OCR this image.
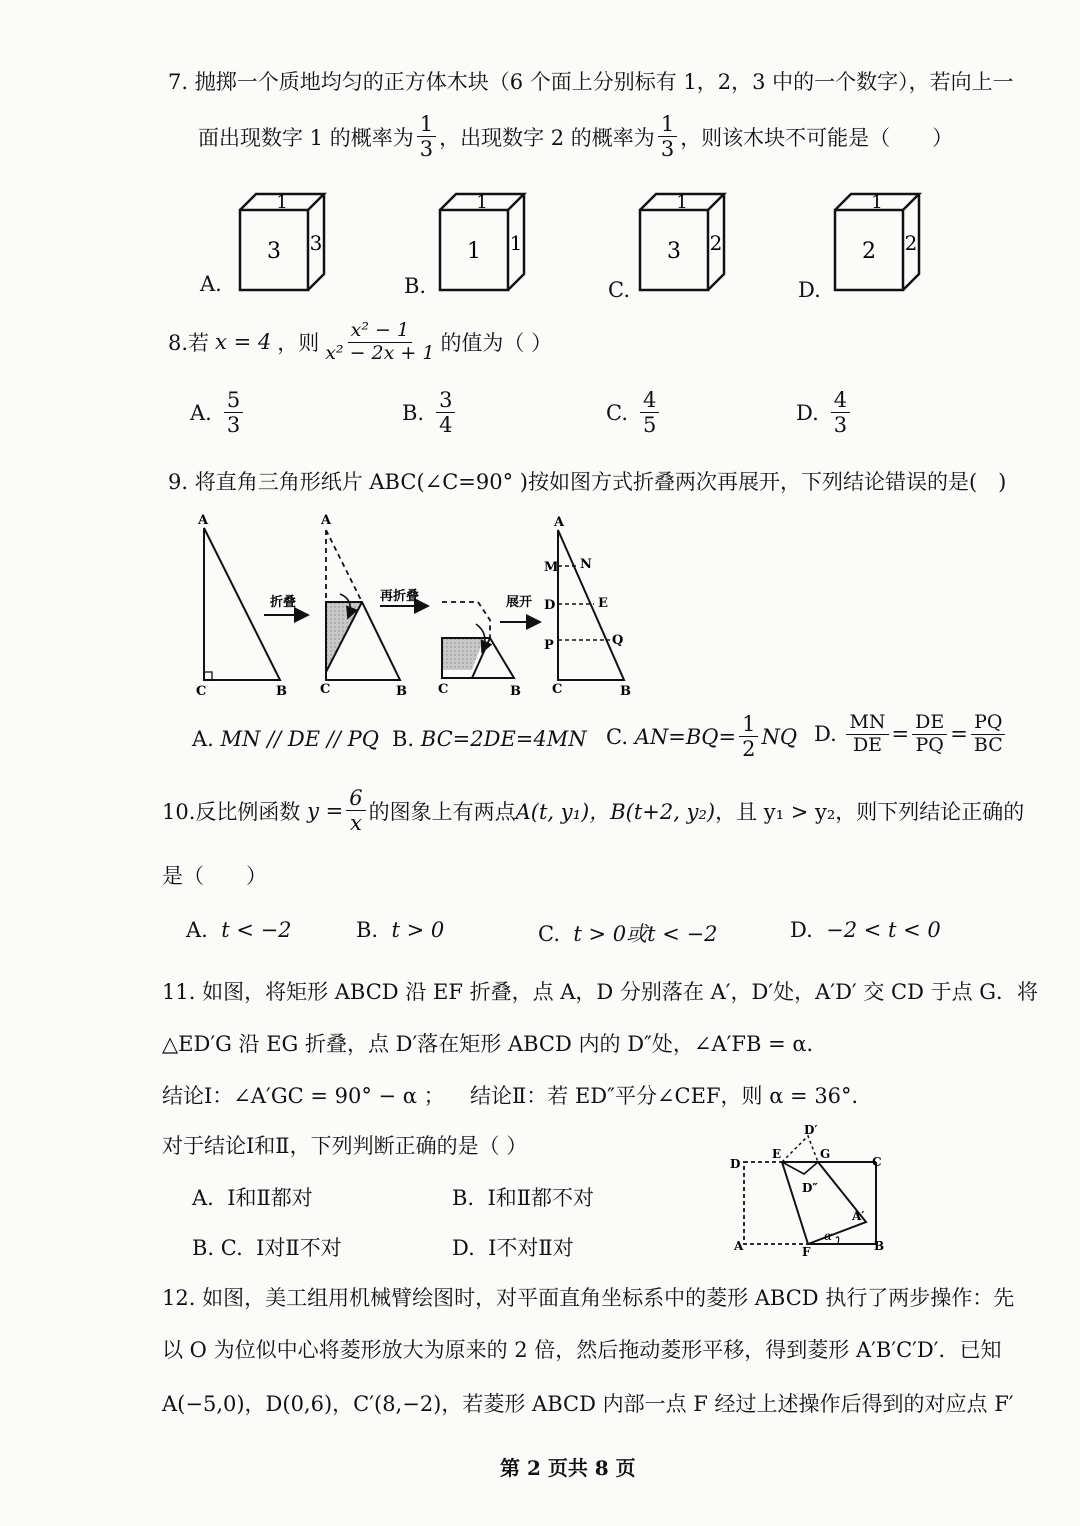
7. 抛掷一个质地均匀的正方体木块（6 个面上分别标有 1，2，3 中的一个数字），若向上一
面出现数字 1 的概率为 $\frac{1}{3}$ ，出现数字 2 的概率为 $\frac{1}{3}$ ，则该木块不可能是（　　）
1
3 3
1
1 1
1
3 2
1
2 2
A.	B.	C.	D.
8.若 x = 4 ，则 $\frac{\text{x² − 1}}{\text{x² − 2x + 1}}$ 的值为（ ）
A. $\frac{5}{3}$	B. $\frac{3}{4}$	C. $\frac{4}{5}$	D. $\frac{4}{3}$
9. 将直角三角形纸片 ABC(∠C=90° )按如图方式折叠两次再展开，下列结论错误的是(　)
A
C	B
折叠
A
C	B
再折叠
C	B
展开
A
M N
D	E
P	Q
C	B
A. MN // DE // PQ B. BC=2DE=4MN C.
$AN=BQ= \frac{1}{2}$ NQ D.
$\frac{MN}{DE} = \frac{DE}{PQ} = \frac{PQ}{BC}$
10.反比例函数
$y = \frac{6}{x}$ 的图象上有两点 A(t, y₁)，B(t+2, y₂) ，且 y₁ > y₂，则下列结论正确的
是（　　）
A. t < −2	B. t > 0	C. t > 0或t < −2	D. −2 < t < 0
11. 如图，将矩形 ABCD 沿 EF 折叠，点 A，D 分别落在 A′，D′处，A′D′ 交 CD 于点 G．将
△ED′G 沿 EG 折叠，点 D′落在矩形 ABCD 内的 D″处，∠A′FB = α．
结论Ⅰ：∠A′GC = 90° − α ； 结论Ⅱ：若 ED″平分∠CEF，则 α = 36°．
对于结论Ⅰ和Ⅱ，下列判断正确的是（ ）
A. Ⅰ和Ⅱ都对	B. Ⅰ和Ⅱ都不对
B. C. Ⅰ对Ⅱ不对	D. Ⅰ不对Ⅱ对
D
E	G
C
D′
D″
A′
A	F	B
α
12. 如图，美工组用机械臂绘图时，对平面直角坐标系中的菱形 ABCD 执行了两步操作：先
以 O 为位似中心将菱形放大为原来的 2 倍，然后拖动菱形平移，得到菱形 A′B′C′D′．已知
A(−5,0)，D(0,6)，C′(8,−2)，若菱形 ABCD 内部一点 F 经过上述操作后得到的对应点 F′
第 2 页共 8 页
